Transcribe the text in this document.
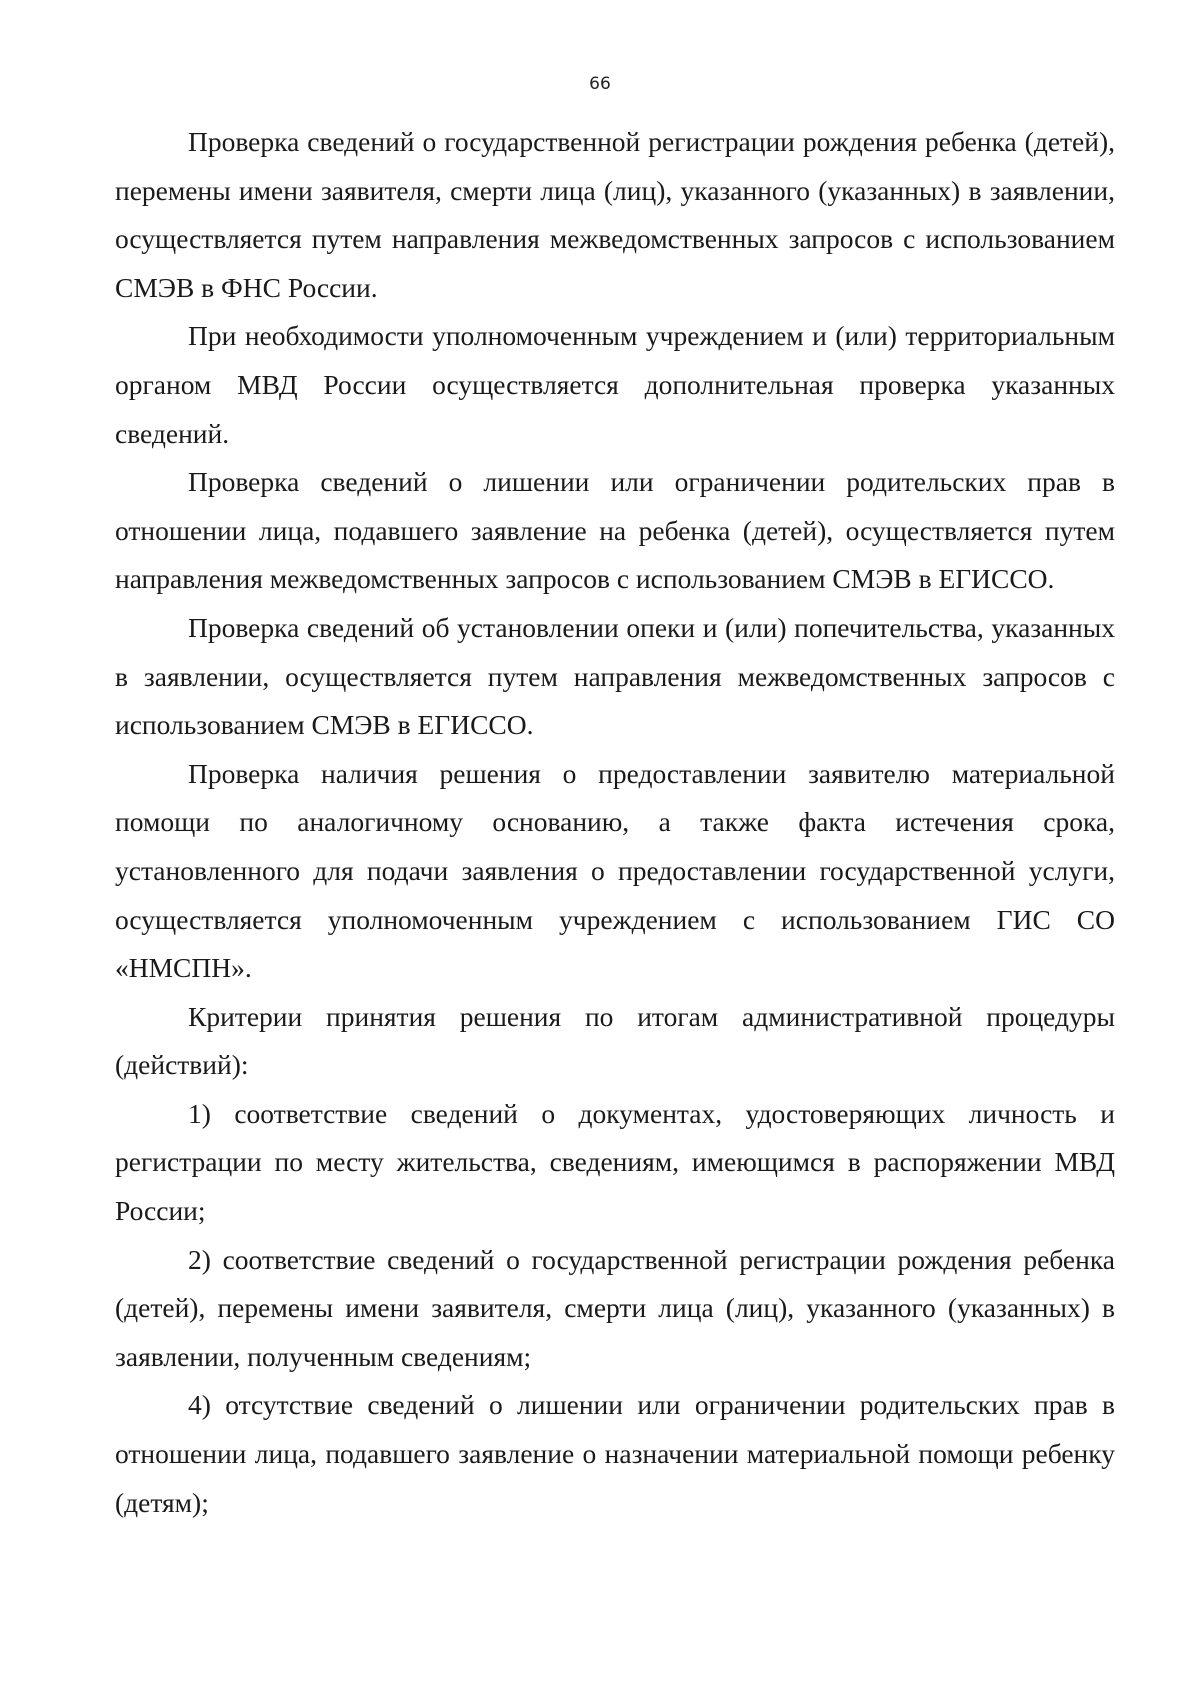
66

Проверка сведений о государственной регистрации рождения ребенка (детей), перемены имени заявителя, смерти лица (лиц), указанного (указанных) в заявлении, осуществляется путем направления межведомственных запросов с использованием СМЭВ в ФНС России.

При необходимости уполномоченным учреждением и (или) территориальным органом МВД России осуществляется дополнительная проверка указанных сведений.

Проверка сведений о лишении или ограничении родительских прав в отношении лица, подавшего заявление на ребенка (детей), осуществляется путем направления межведомственных запросов с использованием СМЭВ в ЕГИССО.

Проверка сведений об установлении опеки и (или) попечительства, указанных в заявлении, осуществляется путем направления межведомственных запросов с использованием СМЭВ в ЕГИССО.

Проверка наличия решения о предоставлении заявителю материальной помощи по аналогичному основанию, а также факта истечения срока, установленного для подачи заявления о предоставлении государственной услуги, осуществляется уполномоченным учреждением с использованием ГИС СО «НМСПН».

Критерии принятия решения по итогам административной процедуры (действий):

1) соответствие сведений о документах, удостоверяющих личность и регистрации по месту жительства, сведениям, имеющимся в распоряжении МВД России;

2) соответствие сведений о государственной регистрации рождения ребенка (детей), перемены имени заявителя, смерти лица (лиц), указанного (указанных) в заявлении, полученным сведениям;

4) отсутствие сведений о лишении или ограничении родительских прав в отношении лица, подавшего заявление о назначении материальной помощи ребенку (детям);
